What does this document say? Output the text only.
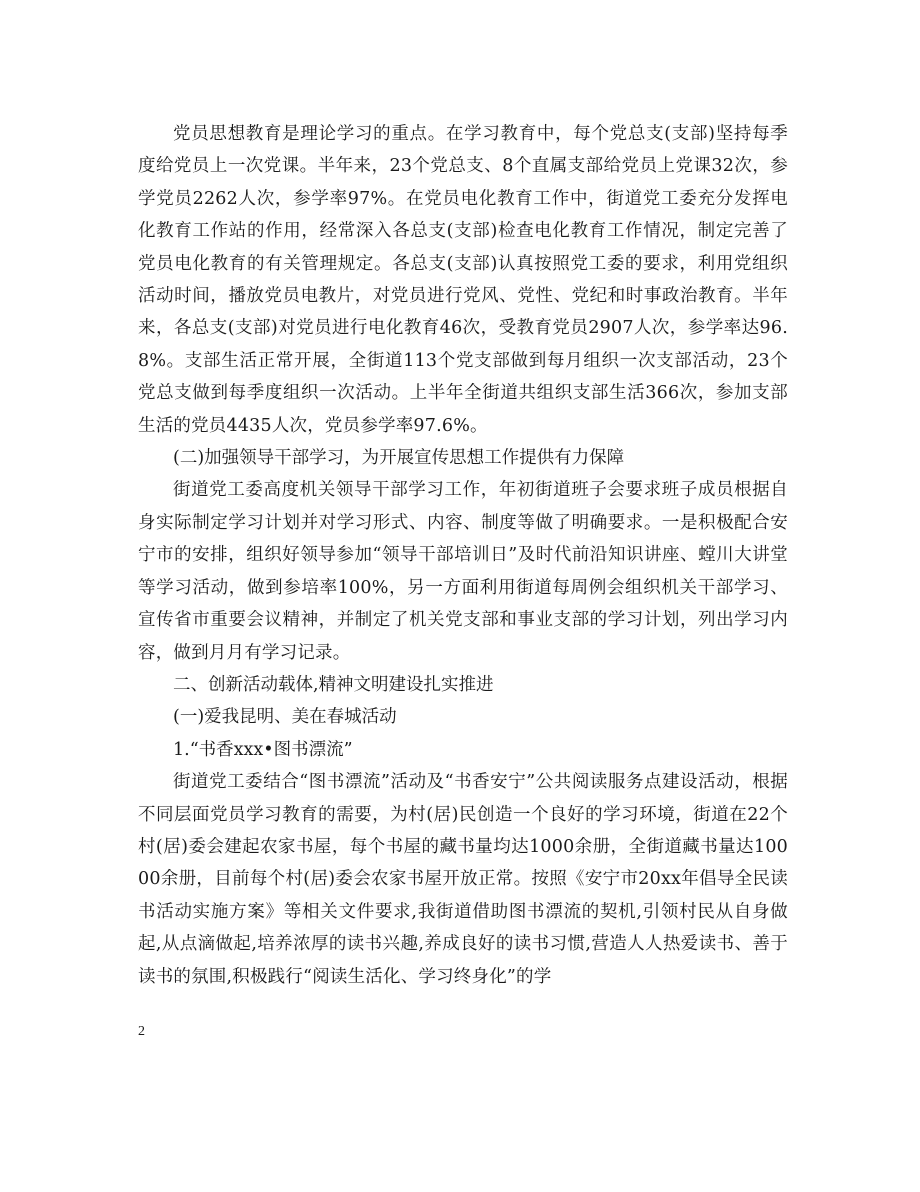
党员思想教育是理论学习的重点。在学习教育中，每个党总支(支部)坚持每季度给党员上一次党课。半年来，23个党总支、8个直属支部给党员上党课32次，参学党员2262人次，参学率97%。在党员电化教育工作中，街道党工委充分发挥电化教育工作站的作用，经常深入各总支(支部)检查电化教育工作情况，制定完善了党员电化教育的有关管理规定。各总支(支部)认真按照党工委的要求，利用党组织活动时间，播放党员电教片，对党员进行党风、党性、党纪和时事政治教育。半年来，各总支(支部)对党员进行电化教育46次，受教育党员2907人次，参学率达96.8%。支部生活正常开展，全街道113个党支部做到每月组织一次支部活动，23个党总支做到每季度组织一次活动。上半年全街道共组织支部生活366次，参加支部生活的党员4435人次，党员参学率97.6%。

(二)加强领导干部学习，为开展宣传思想工作提供有力保障

街道党工委高度机关领导干部学习工作，年初街道班子会要求班子成员根据自身实际制定学习计划并对学习形式、内容、制度等做了明确要求。一是积极配合安宁市的安排，组织好领导参加“领导干部培训日”及时代前沿知识讲座、螳川大讲堂等学习活动，做到参培率100%，另一方面利用街道每周例会组织机关干部学习、宣传省市重要会议精神，并制定了机关党支部和事业支部的学习计划，列出学习内容，做到月月有学习记录。

二、创新活动载体,精神文明建设扎实推进

(一)爱我昆明、美在春城活动

1.“书香xxx•图书漂流”

街道党工委结合“图书漂流”活动及“书香安宁”公共阅读服务点建设活动，根据不同层面党员学习教育的需要，为村(居)民创造一个良好的学习环境，街道在22个村(居)委会建起农家书屋，每个书屋的藏书量均达1000余册，全街道藏书量达10000余册，目前每个村(居)委会农家书屋开放正常。按照《安宁市20xx年倡导全民读书活动实施方案》等相关文件要求,我街道借助图书漂流的契机,引领村民从自身做起,从点滴做起,培养浓厚的读书兴趣,养成良好的读书习惯,营造人人热爱读书、善于读书的氛围,积极践行“阅读生活化、学习终身化”的学

2
